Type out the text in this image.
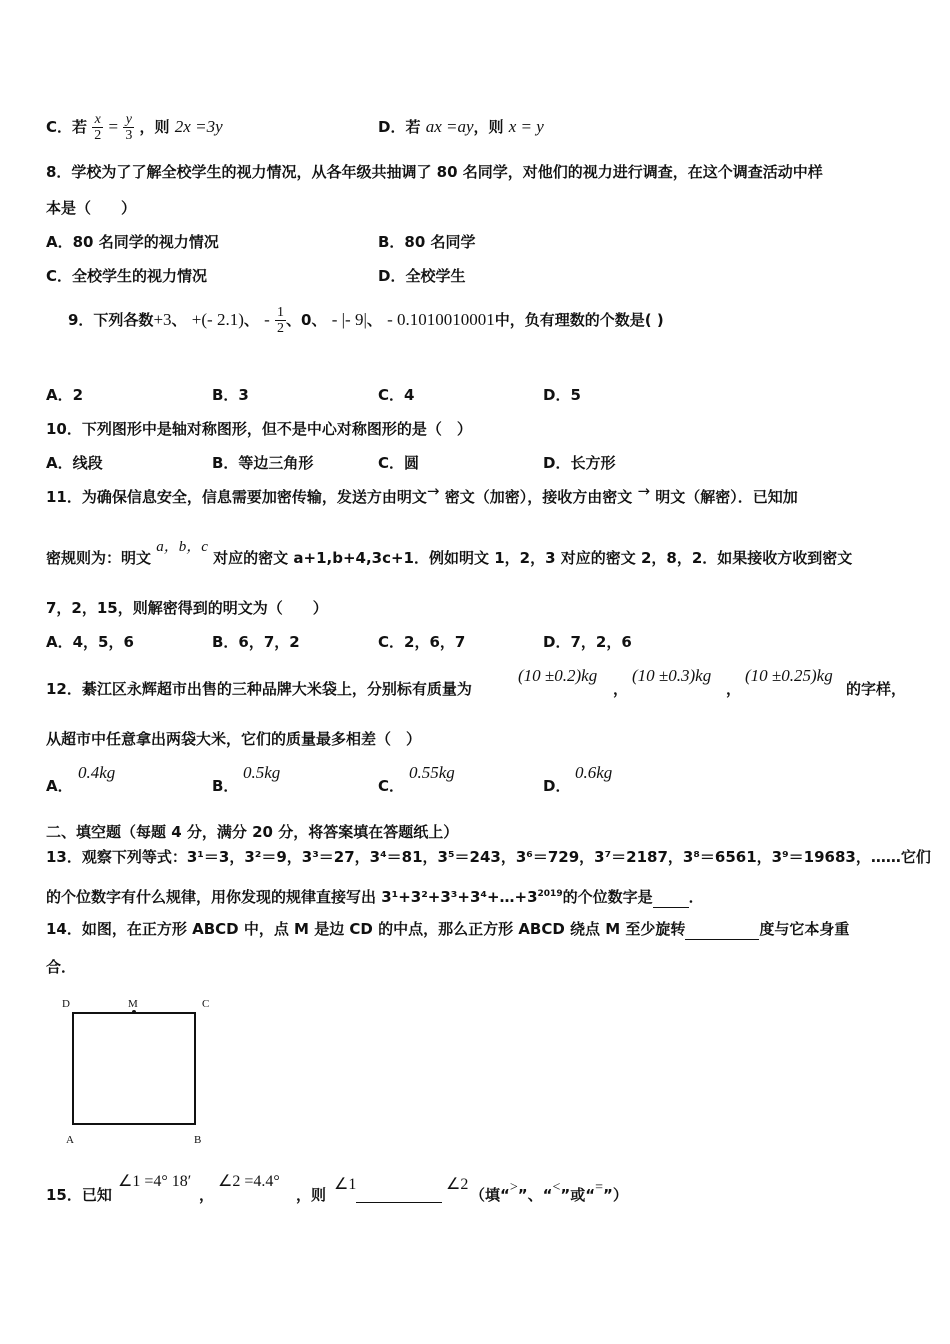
C．若 $\frac{x}{2} = \frac{y}{3}$ ，则 2x =3y	D．若 ax =ay，则 x = y
8．学校为了了解全校学生的视力情况，从各年级共抽调了 80 名同学，对他们的视力进行调查，在这个调查活动中样
本是（　　）
A．80 名同学的视力情况	B．80 名同学
C．全校学生的视力情况	D．全校学生
9．下列各数+3、 +(- 2.1)、 - $\frac{1}{2}$ 、0、 - |- 9|、 - 0.1010010001中，负有理数的个数是( )
A．2	B．3	C．4	D．5
10．下列图形中是轴对称图形，但不是中心对称图形的是（　）
A．线段	B．等边三角形	C．圆	D．长方形
11．为确保信息安全，信息需要加密传输，发送方由明文→ 密文（加密），接收方由密文 → 明文（解密）．已知加
密规则为：明文 a，b，c 对应的密文 a+1,b+4,3c+1．例如明文 1，2，3 对应的密文 2，8，2．如果接收方收到密文
7，2，15，则解密得到的明文为（　　）
A．4，5，6	B．6，7，2	C．2，6，7	D．7，2，6
12．綦江区永辉超市出售的三种品牌大米袋上，分别标有质量为
(10 ±0.2)kg
，
(10 ±0.3)kg
，
(10 ±0.25)kg
的字样，
从超市中任意拿出两袋大米，它们的质量最多相差（　）
A．
0.4kg
B．
0.5kg
C．
0.55kg
D．
0.6kg
二、填空题（每题 4 分，满分 20 分，将答案填在答题纸上）
13．观察下列等式：3¹＝3，3²＝9，3³＝27，3⁴＝81，3⁵＝243，3⁶＝729，3⁷＝2187，3⁸＝6561，3⁹＝19683，……它们
的个位数字有什么规律，用你发现的规律直接写出 $3^1+3^2+3^3+3^4+\dots+3^{2019}$的个位数字是 ．
14．如图，在正方形 ABCD 中，点 M 是边 CD 的中点，那么正方形 ABCD 绕点 M 至少旋转	度与它本身重
合．
D	M	C
A	B
15．已知
∠1 =4° 18′
，
∠2 =4.4°
，则
∠1	∠2
（填“>”、“<”或“=”）
